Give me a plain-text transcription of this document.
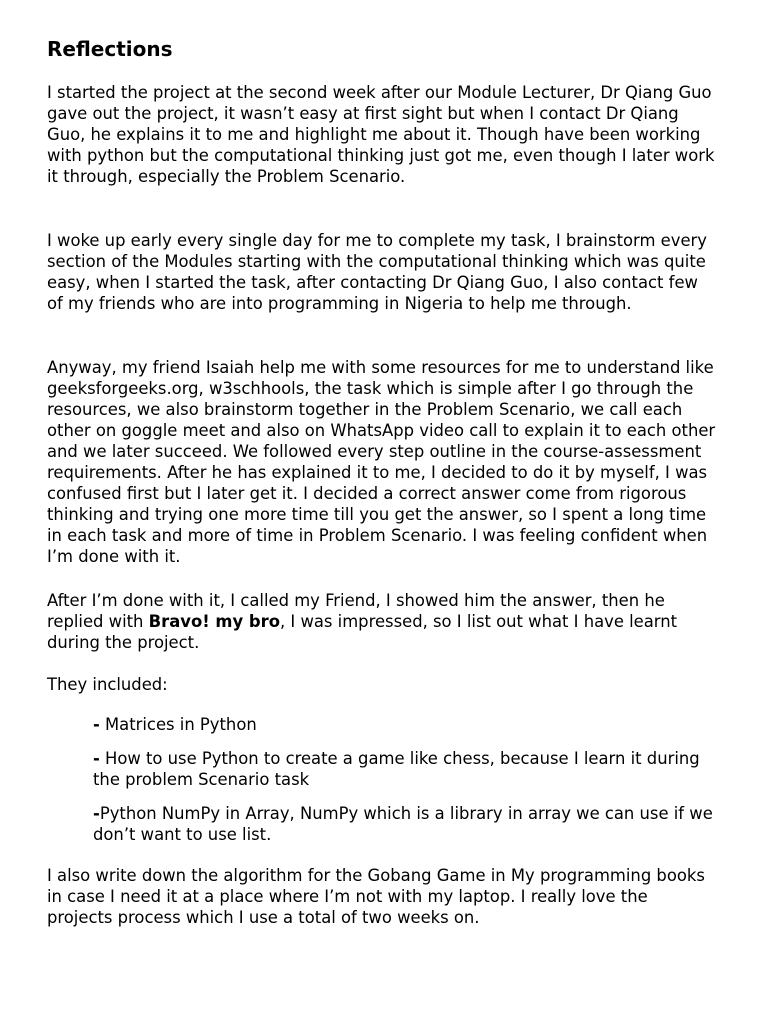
Reflections

I started the project at the second week after our Module Lecturer, Dr Qiang Guo gave out the project, it wasn’t easy at first sight but when I contact Dr Qiang Guo, he explains it to me and highlight me about it. Though have been working with python but the computational thinking just got me, even though I later work it through, especially the Problem Scenario.

I woke up early every single day for me to complete my task, I brainstorm every section of the Modules starting with the computational thinking which was quite easy, when I started the task, after contacting Dr Qiang Guo, I also contact few of my friends who are into programming in Nigeria to help me through.

Anyway, my friend Isaiah help me with some resources for me to understand like geeksforgeeks.org, w3schhools, the task which is simple after I go through the resources, we also brainstorm together in the Problem Scenario, we call each other on goggle meet and also on WhatsApp video call to explain it to each other and we later succeed. We followed every step outline in the course-assessment requirements. After he has explained it to me, I decided to do it by myself, I was confused first but I later get it. I decided a correct answer come from rigorous thinking and trying one more time till you get the answer, so I spent a long time in each task and more of time in Problem Scenario. I was feeling confident when I’m done with it.

After I’m done with it, I called my Friend, I showed him the answer, then he replied with Bravo! my bro, I was impressed, so I list out what I have learnt during the project.

They included:

- Matrices in Python

- How to use Python to create a game like chess, because I learn it during the problem Scenario task

-Python NumPy in Array, NumPy which is a library in array we can use if we don’t want to use list.

I also write down the algorithm for the Gobang Game in My programming books in case I need it at a place where I’m not with my laptop. I really love the projects process which I use a total of two weeks on.
